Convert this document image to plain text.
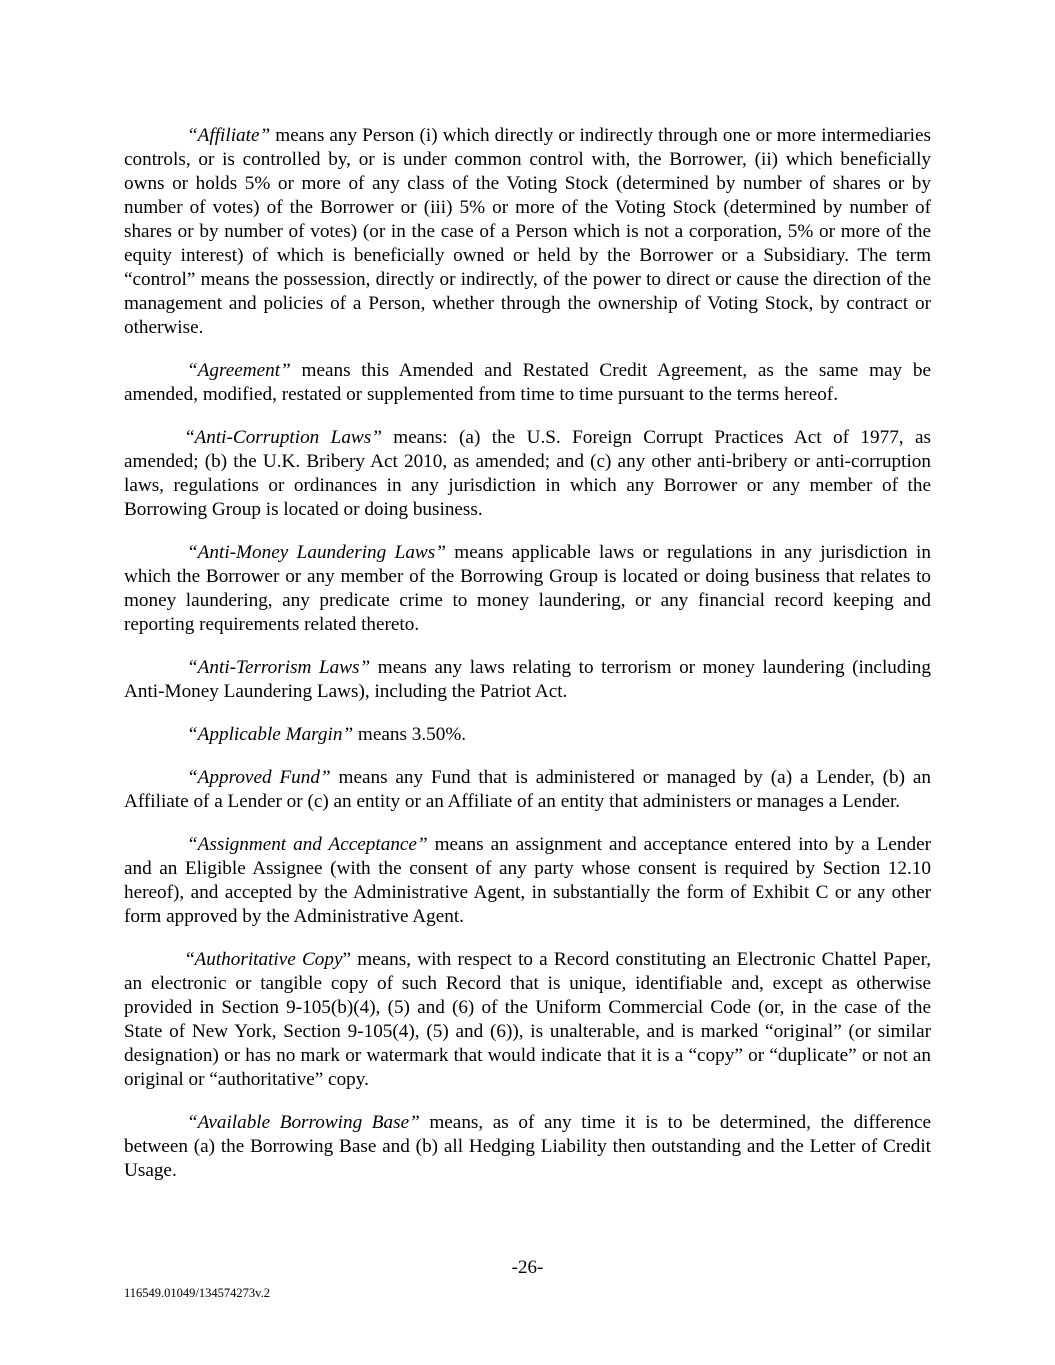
“Affiliate” means any Person (i) which directly or indirectly through one or more intermediaries controls, or is controlled by, or is under common control with, the Borrower, (ii) which beneficially owns or holds 5% or more of any class of the Voting Stock (determined by number of shares or by number of votes) of the Borrower or (iii) 5% or more of the Voting Stock (determined by number of shares or by number of votes) (or in the case of a Person which is not a corporation, 5% or more of the equity interest) of which is beneficially owned or held by the Borrower or a Subsidiary. The term “control” means the possession, directly or indirectly, of the power to direct or cause the direction of the management and policies of a Person, whether through the ownership of Voting Stock, by contract or otherwise.

“Agreement” means this Amended and Restated Credit Agreement, as the same may be amended, modified, restated or supplemented from time to time pursuant to the terms hereof.

“Anti-Corruption Laws” means: (a) the U.S. Foreign Corrupt Practices Act of 1977, as amended; (b) the U.K. Bribery Act 2010, as amended; and (c) any other anti-bribery or anti-corruption laws, regulations or ordinances in any jurisdiction in which any Borrower or any member of the Borrowing Group is located or doing business.

“Anti-Money Laundering Laws” means applicable laws or regulations in any jurisdiction in which the Borrower or any member of the Borrowing Group is located or doing business that relates to money laundering, any predicate crime to money laundering, or any financial record keeping and reporting requirements related thereto.

“Anti-Terrorism Laws” means any laws relating to terrorism or money laundering (including Anti-Money Laundering Laws), including the Patriot Act.

“Applicable Margin” means 3.50%.

“Approved Fund” means any Fund that is administered or managed by (a) a Lender, (b) an Affiliate of a Lender or (c) an entity or an Affiliate of an entity that administers or manages a Lender.

“Assignment and Acceptance” means an assignment and acceptance entered into by a Lender and an Eligible Assignee (with the consent of any party whose consent is required by Section 12.10 hereof), and accepted by the Administrative Agent, in substantially the form of Exhibit C or any other form approved by the Administrative Agent.

“Authoritative Copy” means, with respect to a Record constituting an Electronic Chattel Paper, an electronic or tangible copy of such Record that is unique, identifiable and, except as otherwise provided in Section 9-105(b)(4), (5) and (6) of the Uniform Commercial Code (or, in the case of the State of New York, Section 9-105(4), (5) and (6)), is unalterable, and is marked “original” (or similar designation) or has no mark or watermark that would indicate that it is a “copy” or “duplicate” or not an original or “authoritative” copy.

“Available Borrowing Base” means, as of any time it is to be determined, the difference between (a) the Borrowing Base and (b) all Hedging Liability then outstanding and the Letter of Credit Usage.

-26-
116549.01049/134574273v.2
